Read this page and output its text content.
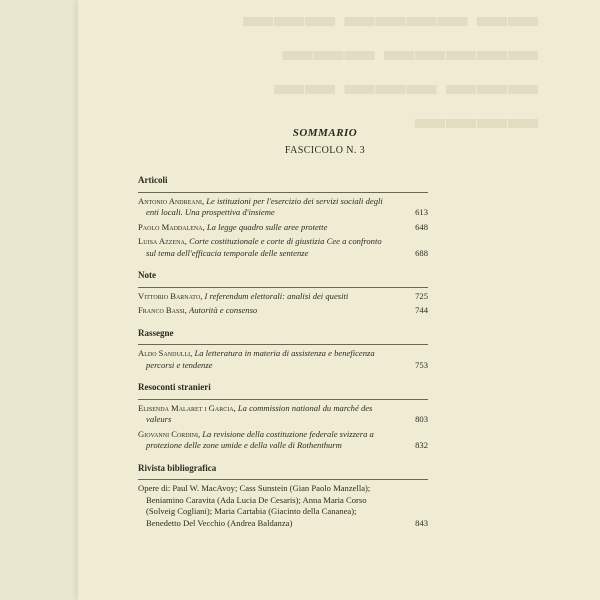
▬▬ ▬▬▬▬ ▬▬▬
▬▬▬▬▬ ▬▬▬
▬▬▬ ▬▬▬ ▬▬
▬▬▬▬
SOMMARIO
FASCICOLO N. 3
Articoli
Antonio Andreani, Le istituzioni per l'esercizio dei servizi sociali degli
enti locali. Una prospettiva d'insieme	613
Paolo Maddalena, La legge quadro sulle aree protette	648
Luisa Azzena, Corte costituzionale e corte di giustizia Cee a confronto
sul tema dell'efficacia temporale delle sentenze	688
Note
Vittorio Barnato, I referendum elettorali: analisi dei quesiti	725
Franco Bassi, Autorità e consenso	744
Rassegne
Aldo Sandulli, La letteratura in materia di assistenza e beneficenza
percorsi e tendenze	753
Resoconti stranieri
Elisenda Malaret i Garcia, La commission national du marché des
valeurs	803
Giovanni Cordini, La revisione della costituzione federale svizzera a
protezione delle zone umide e della valle di Rothenthurm	832
Rivista bibliografica
Opere di: Paul W. MacAvoy; Cass Sunstein (Gian Paolo Manzella);
Beniamino Caravita (Ada Lucia De Cesaris); Anna Maria Corso
(Solveig Cogliani); Maria Cartabia (Giacinto della Cananea);
Benedetto Del Vecchio (Andrea Baldanza)	843
